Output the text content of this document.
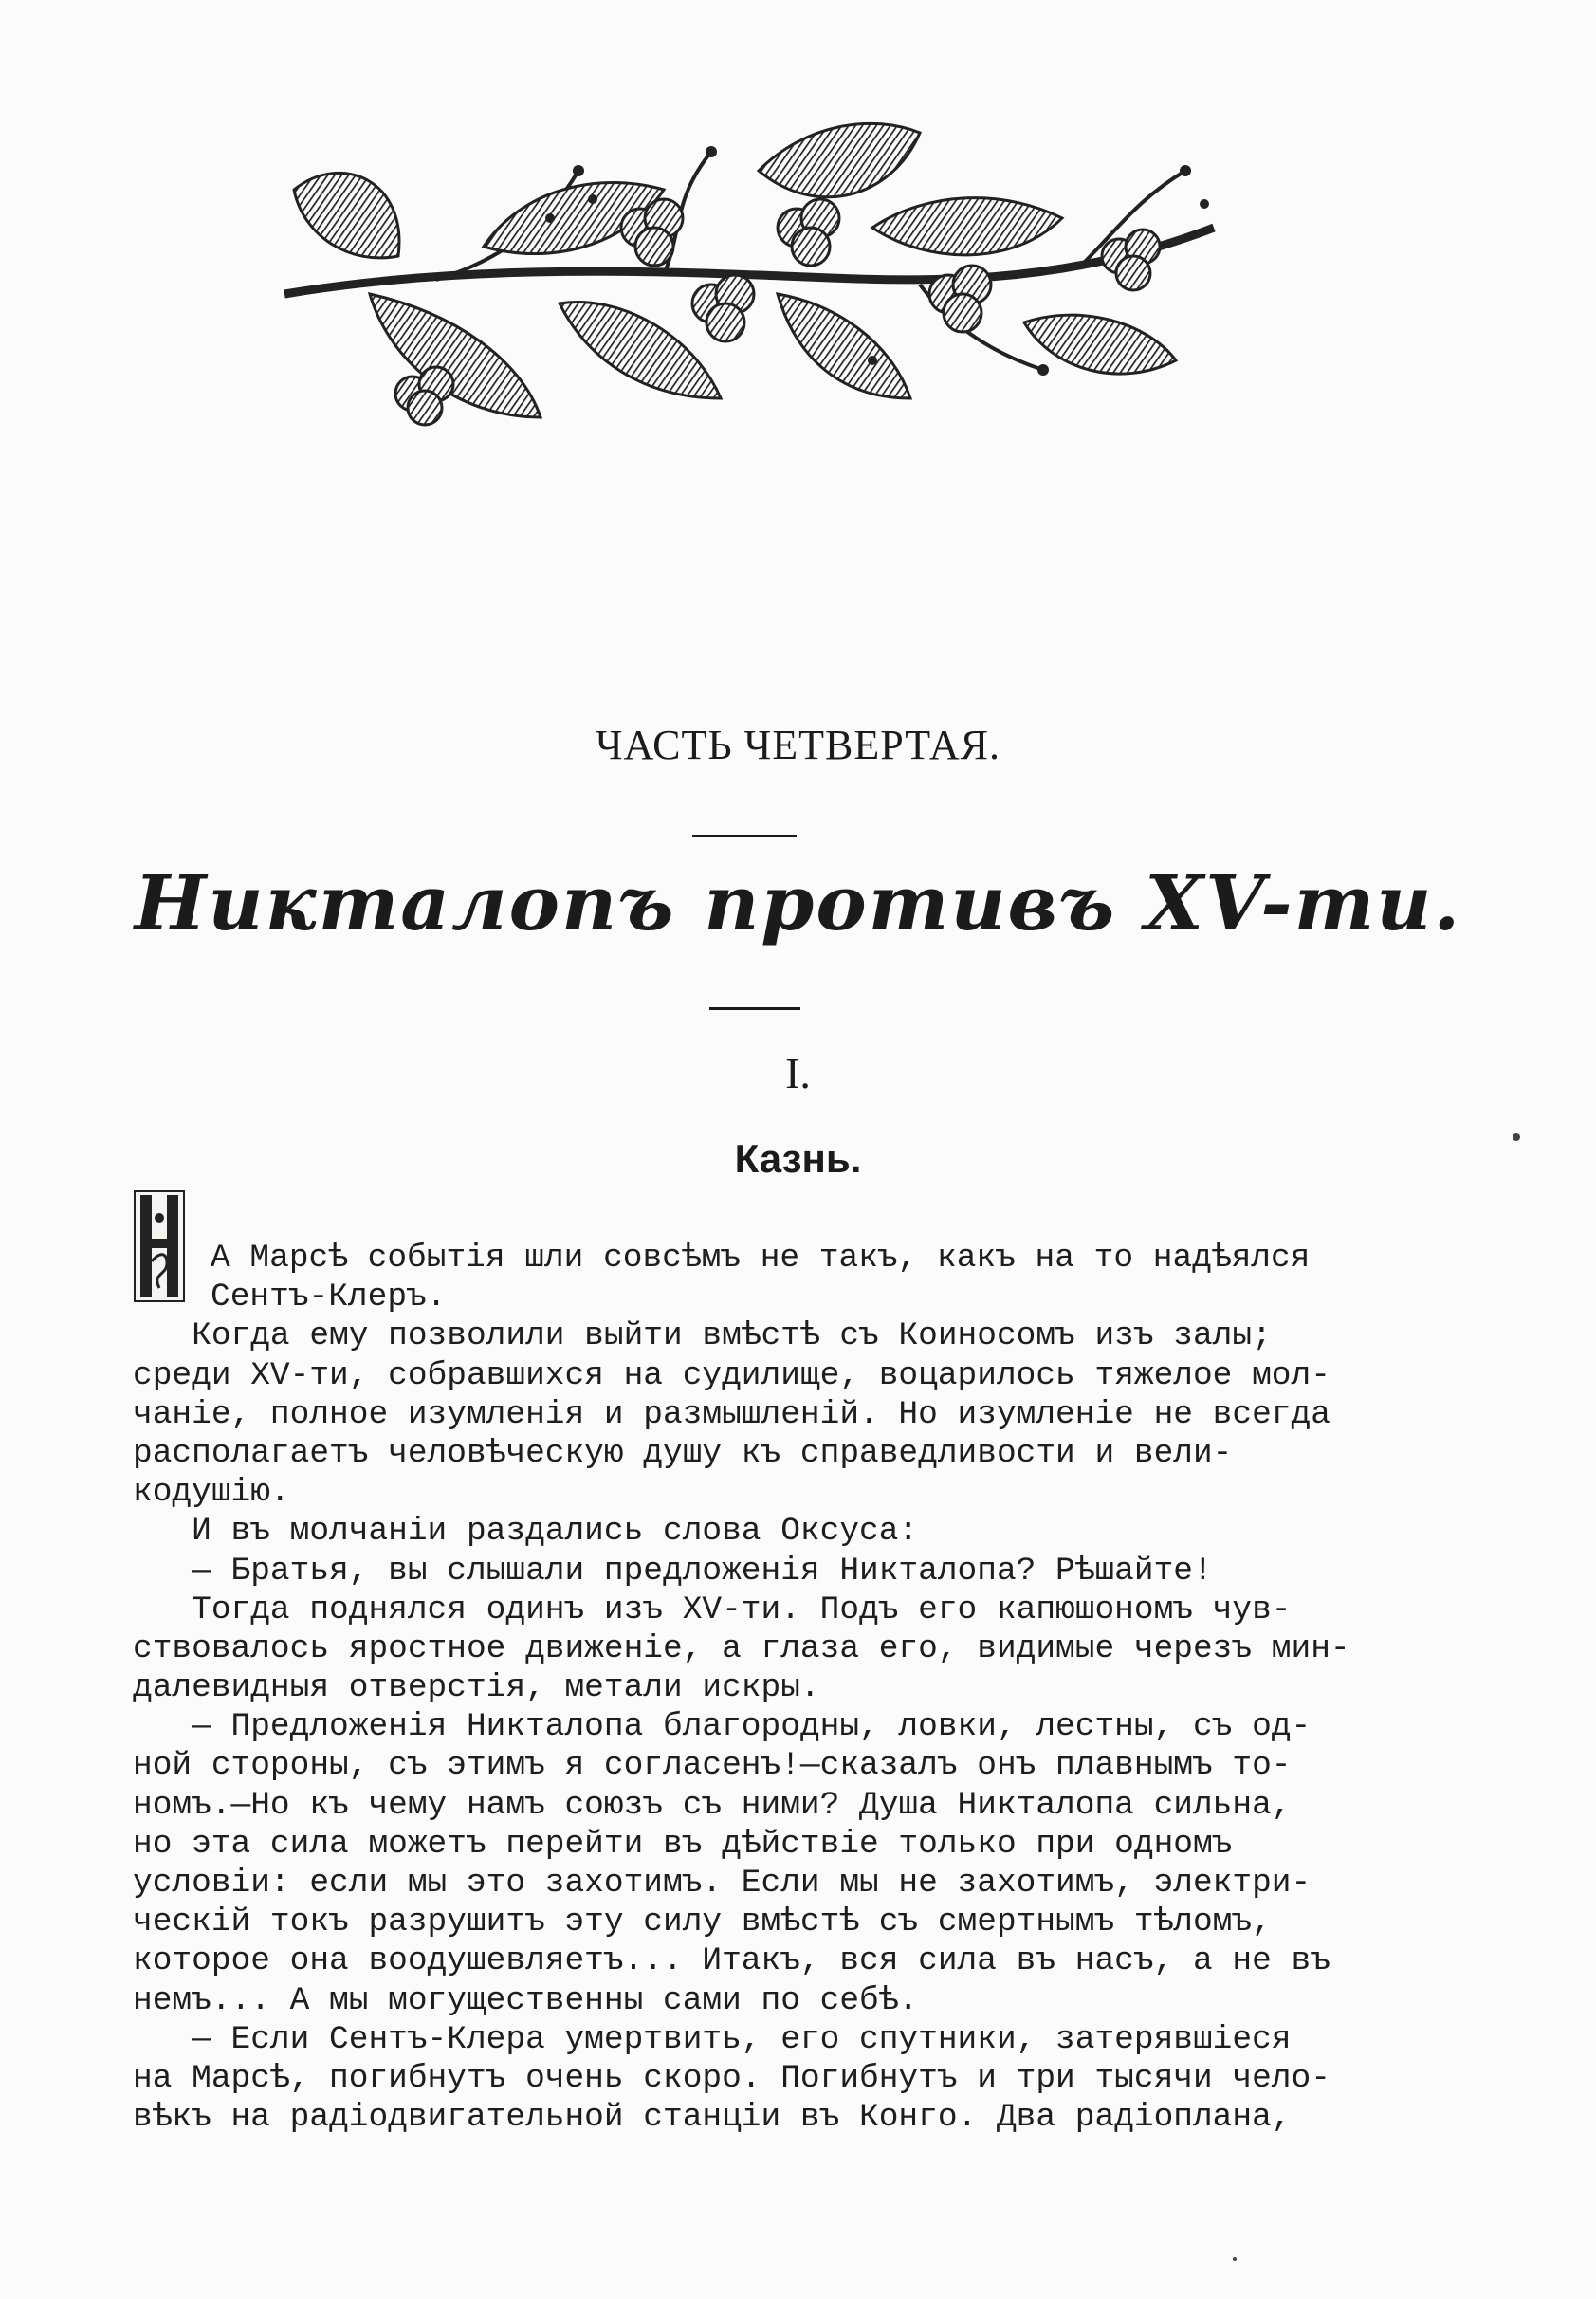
ЧАСТЬ ЧЕТВЕРТАЯ.
Никталопъ противъ XV-ти.
I.
Казнь.
А Марсѣ событія шли совсѣмъ не такъ, какъ на то надѣялся
Сентъ-Клеръ.
Когда ему позволили выйти вмѣстѣ съ Коиносомъ изъ залы;
среди XV-ти, собравшихся на судилище, воцарилось тяжелое мол-
чаніе, полное изумленія и размышленій. Но изумленіе не всегда
располагаетъ человѣческую душу къ справедливости и вели-
кодушію.
И въ молчаніи раздались слова Оксуса:
— Братья, вы слышали предложенія Никталопа? Рѣшайте!
Тогда поднялся одинъ изъ XV-ти. Подъ его капюшономъ чув-
ствовалось яростное движеніе, а глаза его, видимые черезъ мин-
далевидныя отверстія, метали искры.
— Предложенія Никталопа благородны, ловки, лестны, съ од-
ной стороны, съ этимъ я согласенъ!—сказалъ онъ плавнымъ то-
номъ.—Но къ чему намъ союзъ съ ними? Душа Никталопа сильна,
но эта сила можетъ перейти въ дѣйствіе только при одномъ
условіи: если мы это захотимъ. Если мы не захотимъ, электри-
ческій токъ разрушитъ эту силу вмѣстѣ съ смертнымъ тѣломъ,
которое она воодушевляетъ... Итакъ, вся сила въ насъ, а не въ
немъ... А мы могущественны сами по себѣ.
— Если Сентъ-Клера умертвить, его спутники, затерявшіеся
на Марсѣ, погибнутъ очень скоро. Погибнутъ и три тысячи чело-
вѣкъ на радіодвигательной станціи въ Конго. Два радіоплана,
